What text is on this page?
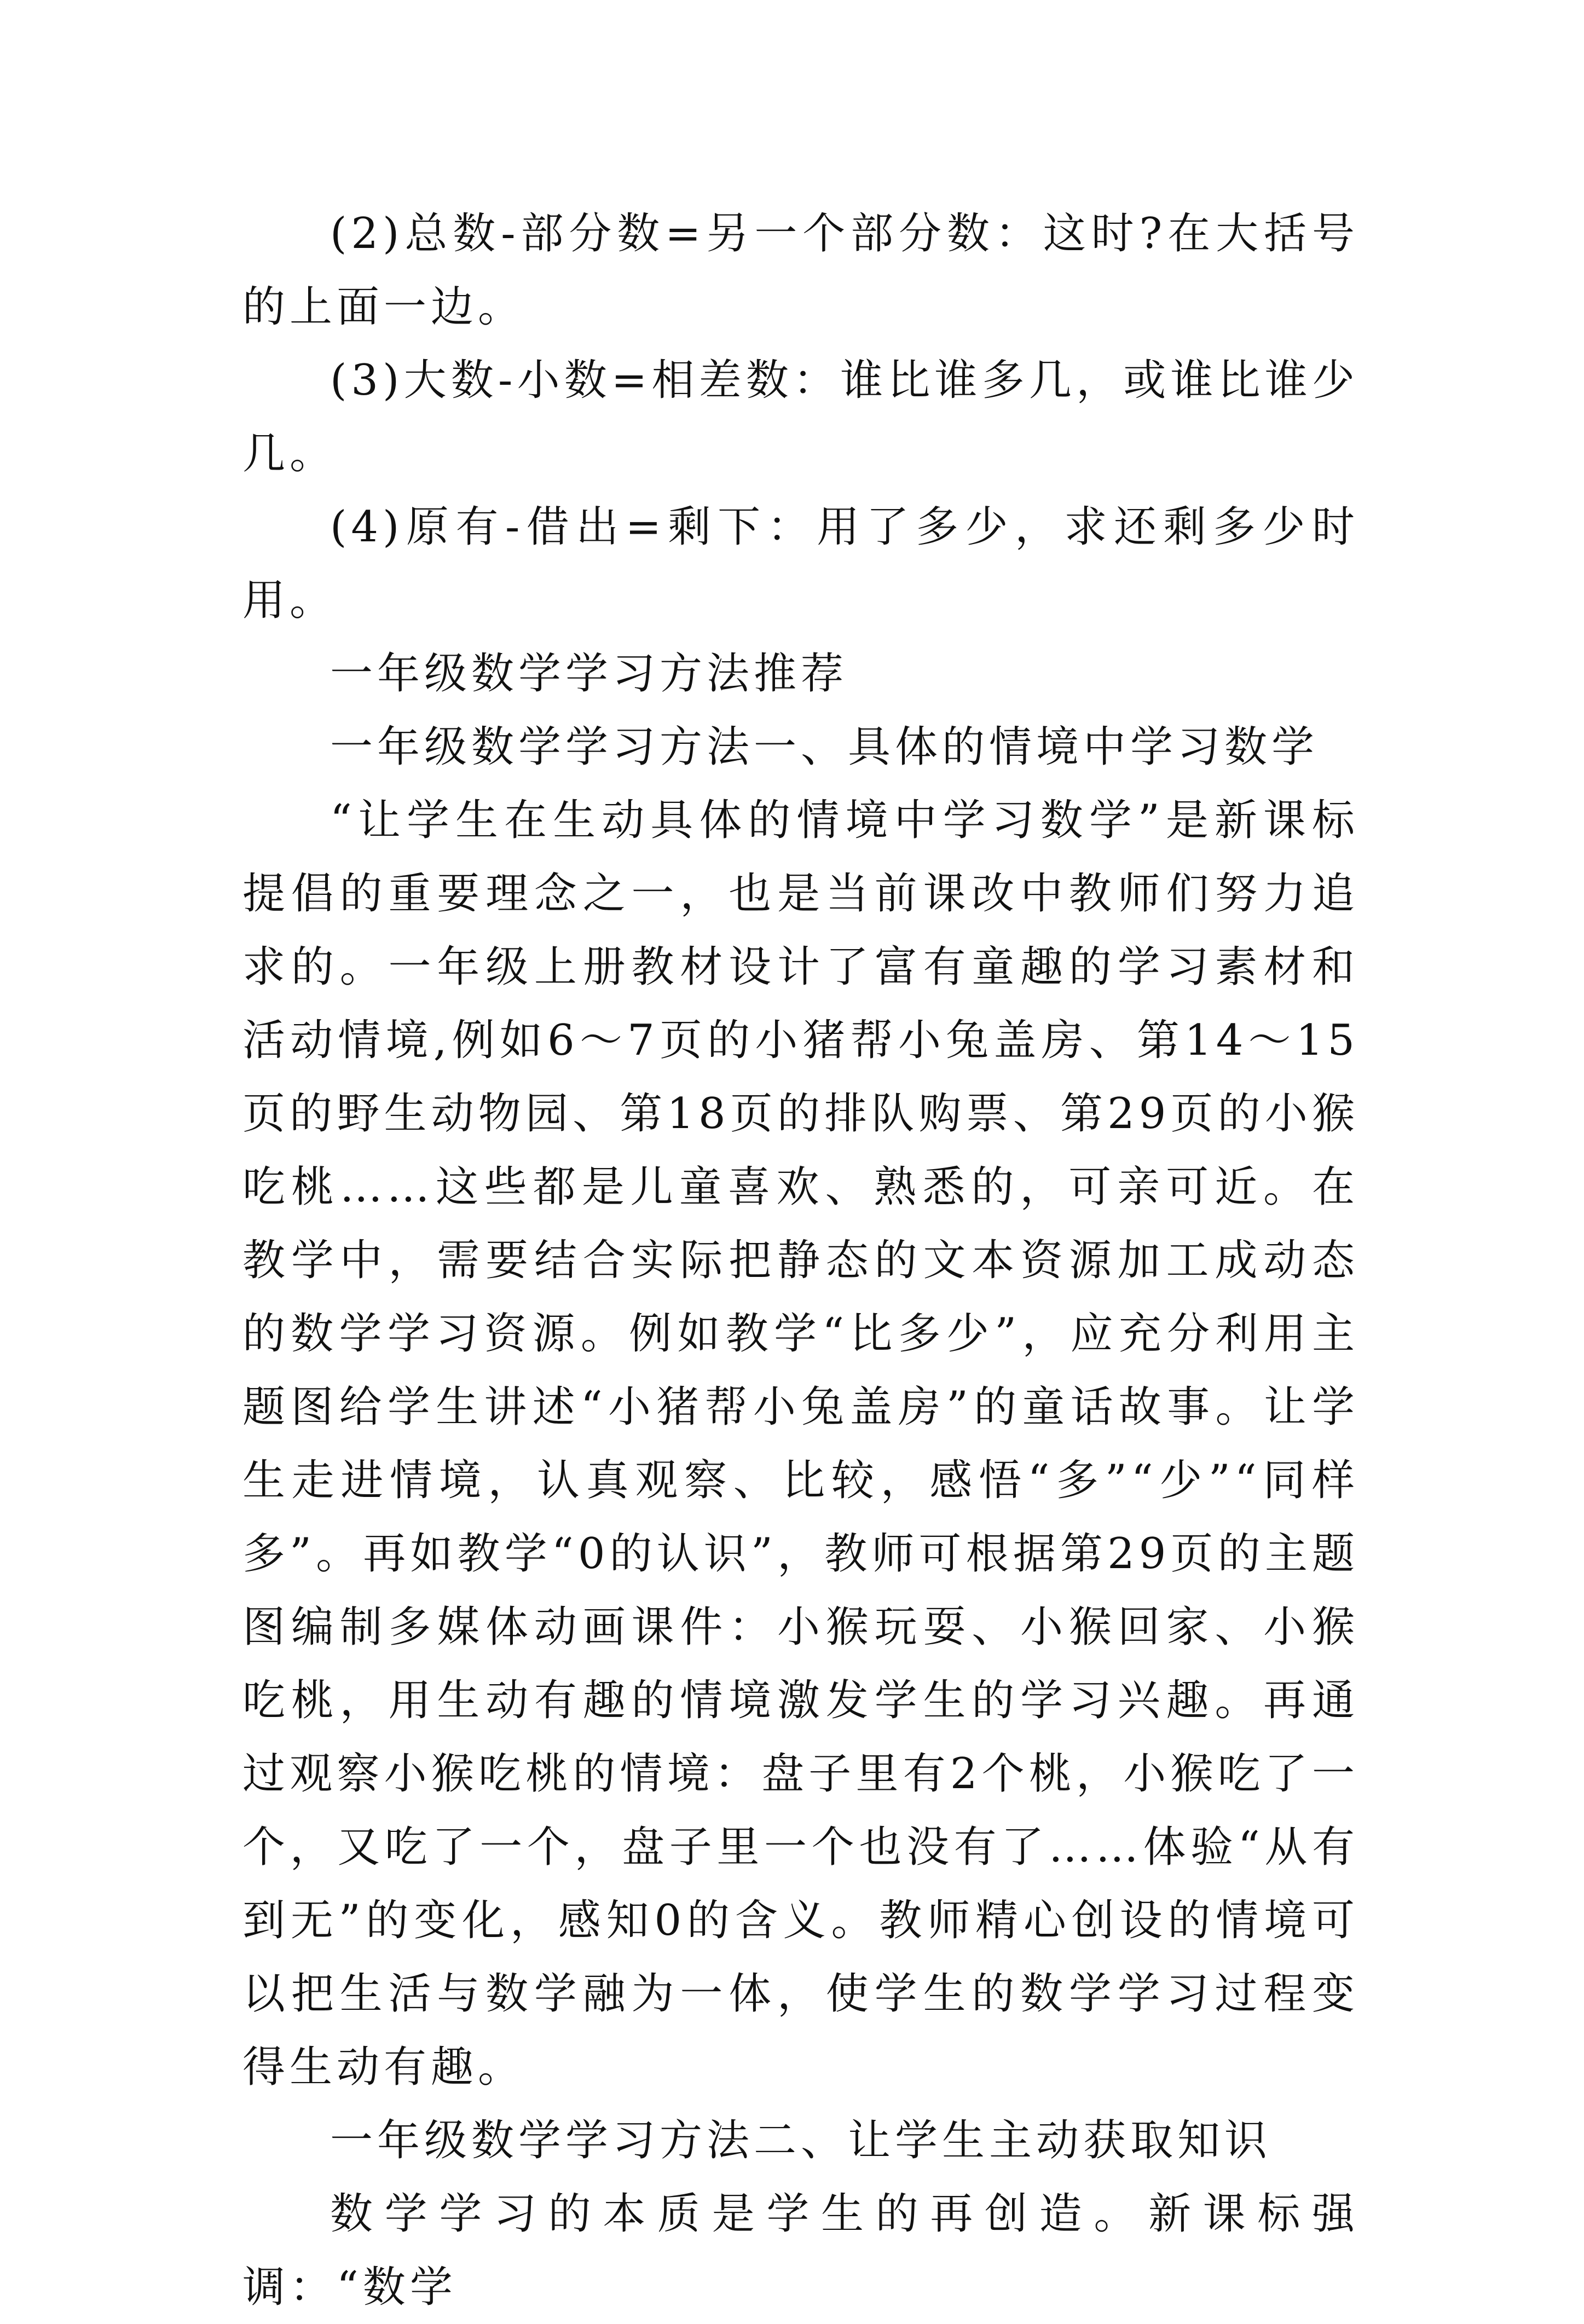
(2)总数-部分数=另一个部分数：这时?在大括号的上面一边。

(3)大数-小数=相差数：谁比谁多几，或谁比谁少几。

(4)原有-借出=剩下：用了多少，求还剩多少时用。

一年级数学学习方法推荐

一年级数学学习方法一、具体的情境中学习数学

“让学生在生动具体的情境中学习数学”是新课标提倡的重要理念之一，也是当前课改中教师们努力追求的。一年级上册教材设计了富有童趣的学习素材和活动情境,例如6～7页的小猪帮小兔盖房、第14～15页的野生动物园、第18页的排队购票、第29页的小猴吃桃……这些都是儿童喜欢、熟悉的，可亲可近。在教学中，需要结合实际把静态的文本资源加工成动态的数学学习资源。例如教学“比多少”，应充分利用主题图给学生讲述“小猪帮小兔盖房”的童话故事。让学生走进情境，认真观察、比较，感悟“多”“少”“同样多”。再如教学“0的认识”，教师可根据第29页的主题图编制多媒体动画课件：小猴玩耍、小猴回家、小猴吃桃，用生动有趣的情境激发学生的学习兴趣。再通过观察小猴吃桃的情境：盘子里有2个桃，小猴吃了一个，又吃了一个，盘子里一个也没有了……体验“从有到无”的变化，感知0的含义。教师精心创设的情境可以把生活与数学融为一体，使学生的数学学习过程变得生动有趣。

一年级数学学习方法二、让学生主动获取知识

数学学习的本质是学生的再创造。新课标强调：“数学
